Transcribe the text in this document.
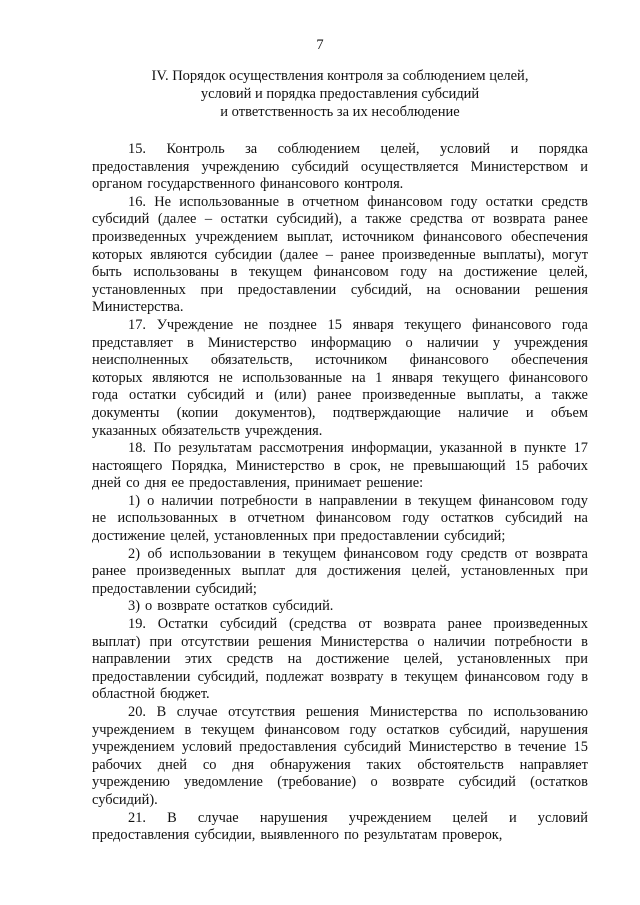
7
IV. Порядок осуществления контроля за соблюдением целей,
условий и порядка предоставления субсидий
и ответственность за их несоблюдение
15. Контроль за соблюдением целей, условий и порядка
предоставления учреждению субсидий осуществляется Министерством и
органом государственного финансового контроля.
16. Не использованные в отчетном финансовом году остатки средств
субсидий (далее – остатки субсидий), а также средства от возврата ранее
произведенных учреждением выплат, источником финансового обеспечения
которых являются субсидии (далее – ранее произведенные выплаты), могут
быть использованы в текущем финансовом году на достижение целей,
установленных при предоставлении субсидий, на основании решения
Министерства.
17. Учреждение не позднее 15 января текущего финансового года
представляет в Министерство информацию о наличии у учреждения
неисполненных обязательств, источником финансового обеспечения
которых являются не использованные на 1 января текущего финансового
года остатки субсидий и (или) ранее произведенные выплаты, а также
документы (копии документов), подтверждающие наличие и объем
указанных обязательств учреждения.
18. По результатам рассмотрения информации, указанной в пункте 17
настоящего Порядка, Министерство в срок, не превышающий 15 рабочих
дней со дня ее предоставления, принимает решение:
1) о наличии потребности в направлении в текущем финансовом году
не использованных в отчетном финансовом году остатков субсидий на
достижение целей, установленных при предоставлении субсидий;
2) об использовании в текущем финансовом году средств от возврата
ранее произведенных выплат для достижения целей, установленных при
предоставлении субсидий;
3) о возврате остатков субсидий.
19. Остатки субсидий (средства от возврата ранее произведенных
выплат) при отсутствии решения Министерства о наличии потребности в
направлении этих средств на достижение целей, установленных при
предоставлении субсидий, подлежат возврату в текущем финансовом году в
областной бюджет.
20. В случае отсутствия решения Министерства по использованию
учреждением в текущем финансовом году остатков субсидий, нарушения
учреждением условий предоставления субсидий Министерство в течение 15
рабочих дней со дня обнаружения таких обстоятельств направляет
учреждению уведомление (требование) о возврате субсидий (остатков
субсидий).
21. В случае нарушения учреждением целей и условий
предоставления субсидии, выявленного по результатам проверок,
